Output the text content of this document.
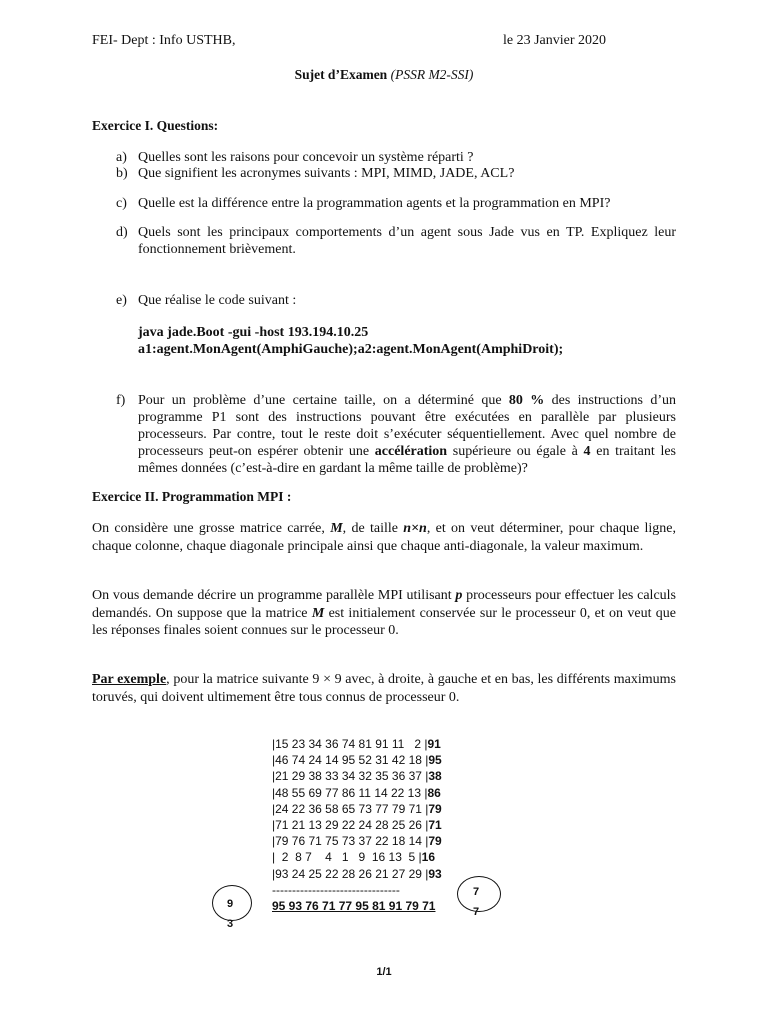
FEI- Dept : Info USTHB,	le 23 Janvier 2020
Sujet d’Examen (PSSR M2-SSI)
Exercice I. Questions:
a) Quelles sont les raisons pour concevoir un système réparti ?
b) Que signifient les acronymes suivants : MPI, MIMD, JADE, ACL?
c) Quelle est la différence entre la programmation agents et la programmation en MPI?
d) Quels sont les principaux comportements d’un agent sous Jade vus en TP. Expliquez leur fonctionnement brièvement.
e) Que réalise le code suivant :
java jade.Boot -gui -host 193.194.10.25
a1:agent.MonAgent(AmphiGauche);a2:agent.MonAgent(AmphiDroit);
f) Pour un problème d’une certaine taille, on a déterminé que 80 % des instructions d’un programme P1 sont des instructions pouvant être exécutées en parallèle par plusieurs processeurs. Par contre, tout le reste doit s’exécuter séquentiellement. Avec quel nombre de processeurs peut-on espérer obtenir une accélération supérieure ou égale à 4 en traitant les mêmes données (c’est-à-dire en gardant la même taille de problème)?
Exercice II. Programmation MPI :
On considère une grosse matrice carrée, M, de taille n×n, et on veut déterminer, pour chaque ligne, chaque colonne, chaque diagonale principale ainsi que chaque anti-diagonale, la valeur maximum.
On vous demande décrire un programme parallèle MPI utilisant p processeurs pour effectuer les calculs demandés. On suppose que la matrice M est initialement conservée sur le processeur 0, et on veut que les réponses finales soient connues sur le processeur 0.
Par exemple, pour la matrice suivante 9 × 9 avec, à droite, à gauche et en bas, les différents maximums toruvés, qui doivent ultimement être tous connus de processeur 0.
|15 23 34 36 74 81 91 11   2 |91
|46 74 24 14 95 52 31 42 18 |95
|21 29 38 33 34 32 35 36 37 |38
|48 55 69 77 86 11 14 22 13 |86
|24 22 36 58 65 73 77 79 71 |79
|71 21 13 29 22 24 28 25 26 |71
|79 76 71 75 73 37 22 18 14 |79
|  2  8 7    4   1   9  16 13  5 |16
|93 24 25 22 28 26 21 27 29 |93
--------------------------------
95 93 76 71 77 95 81 91 79 71
9
3
7
7
1/1
